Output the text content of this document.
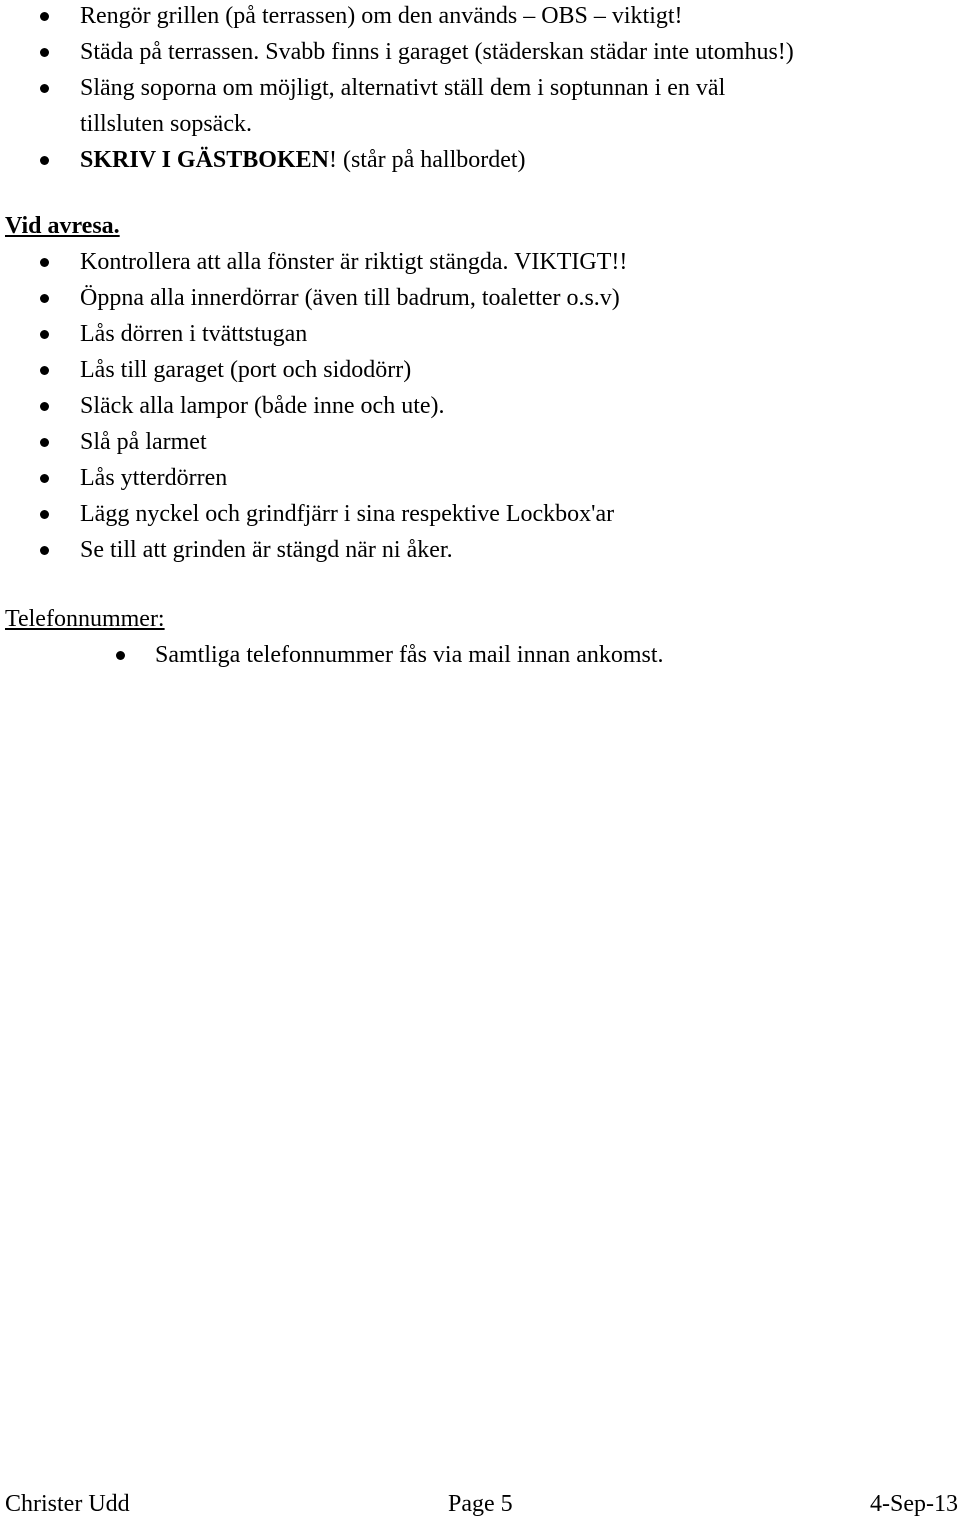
Rengör grillen (på terrassen) om den används – OBS – viktigt!
Städa på terrassen. Svabb finns i garaget (städerskan städar inte utomhus!)
Släng soporna om möjligt, alternativt ställ dem i soptunnan i en väl
tillsluten sopsäck.
SKRIV I GÄSTBOKEN! (står på hallbordet)
Vid avresa.
Kontrollera att alla fönster är riktigt stängda. VIKTIGT!!
Öppna alla innerdörrar (även till badrum, toaletter o.s.v)
Lås dörren i tvättstugan
Lås till garaget (port och sidodörr)
Släck alla lampor (både inne och ute).
Slå på larmet
Lås ytterdörren
Lägg nyckel och grindfjärr i sina respektive Lockbox'ar
Se till att grinden är stängd när ni åker.
Telefonnummer:
Samtliga telefonnummer fås via mail innan ankomst.
Christer Udd	Page 5	4-Sep-13
